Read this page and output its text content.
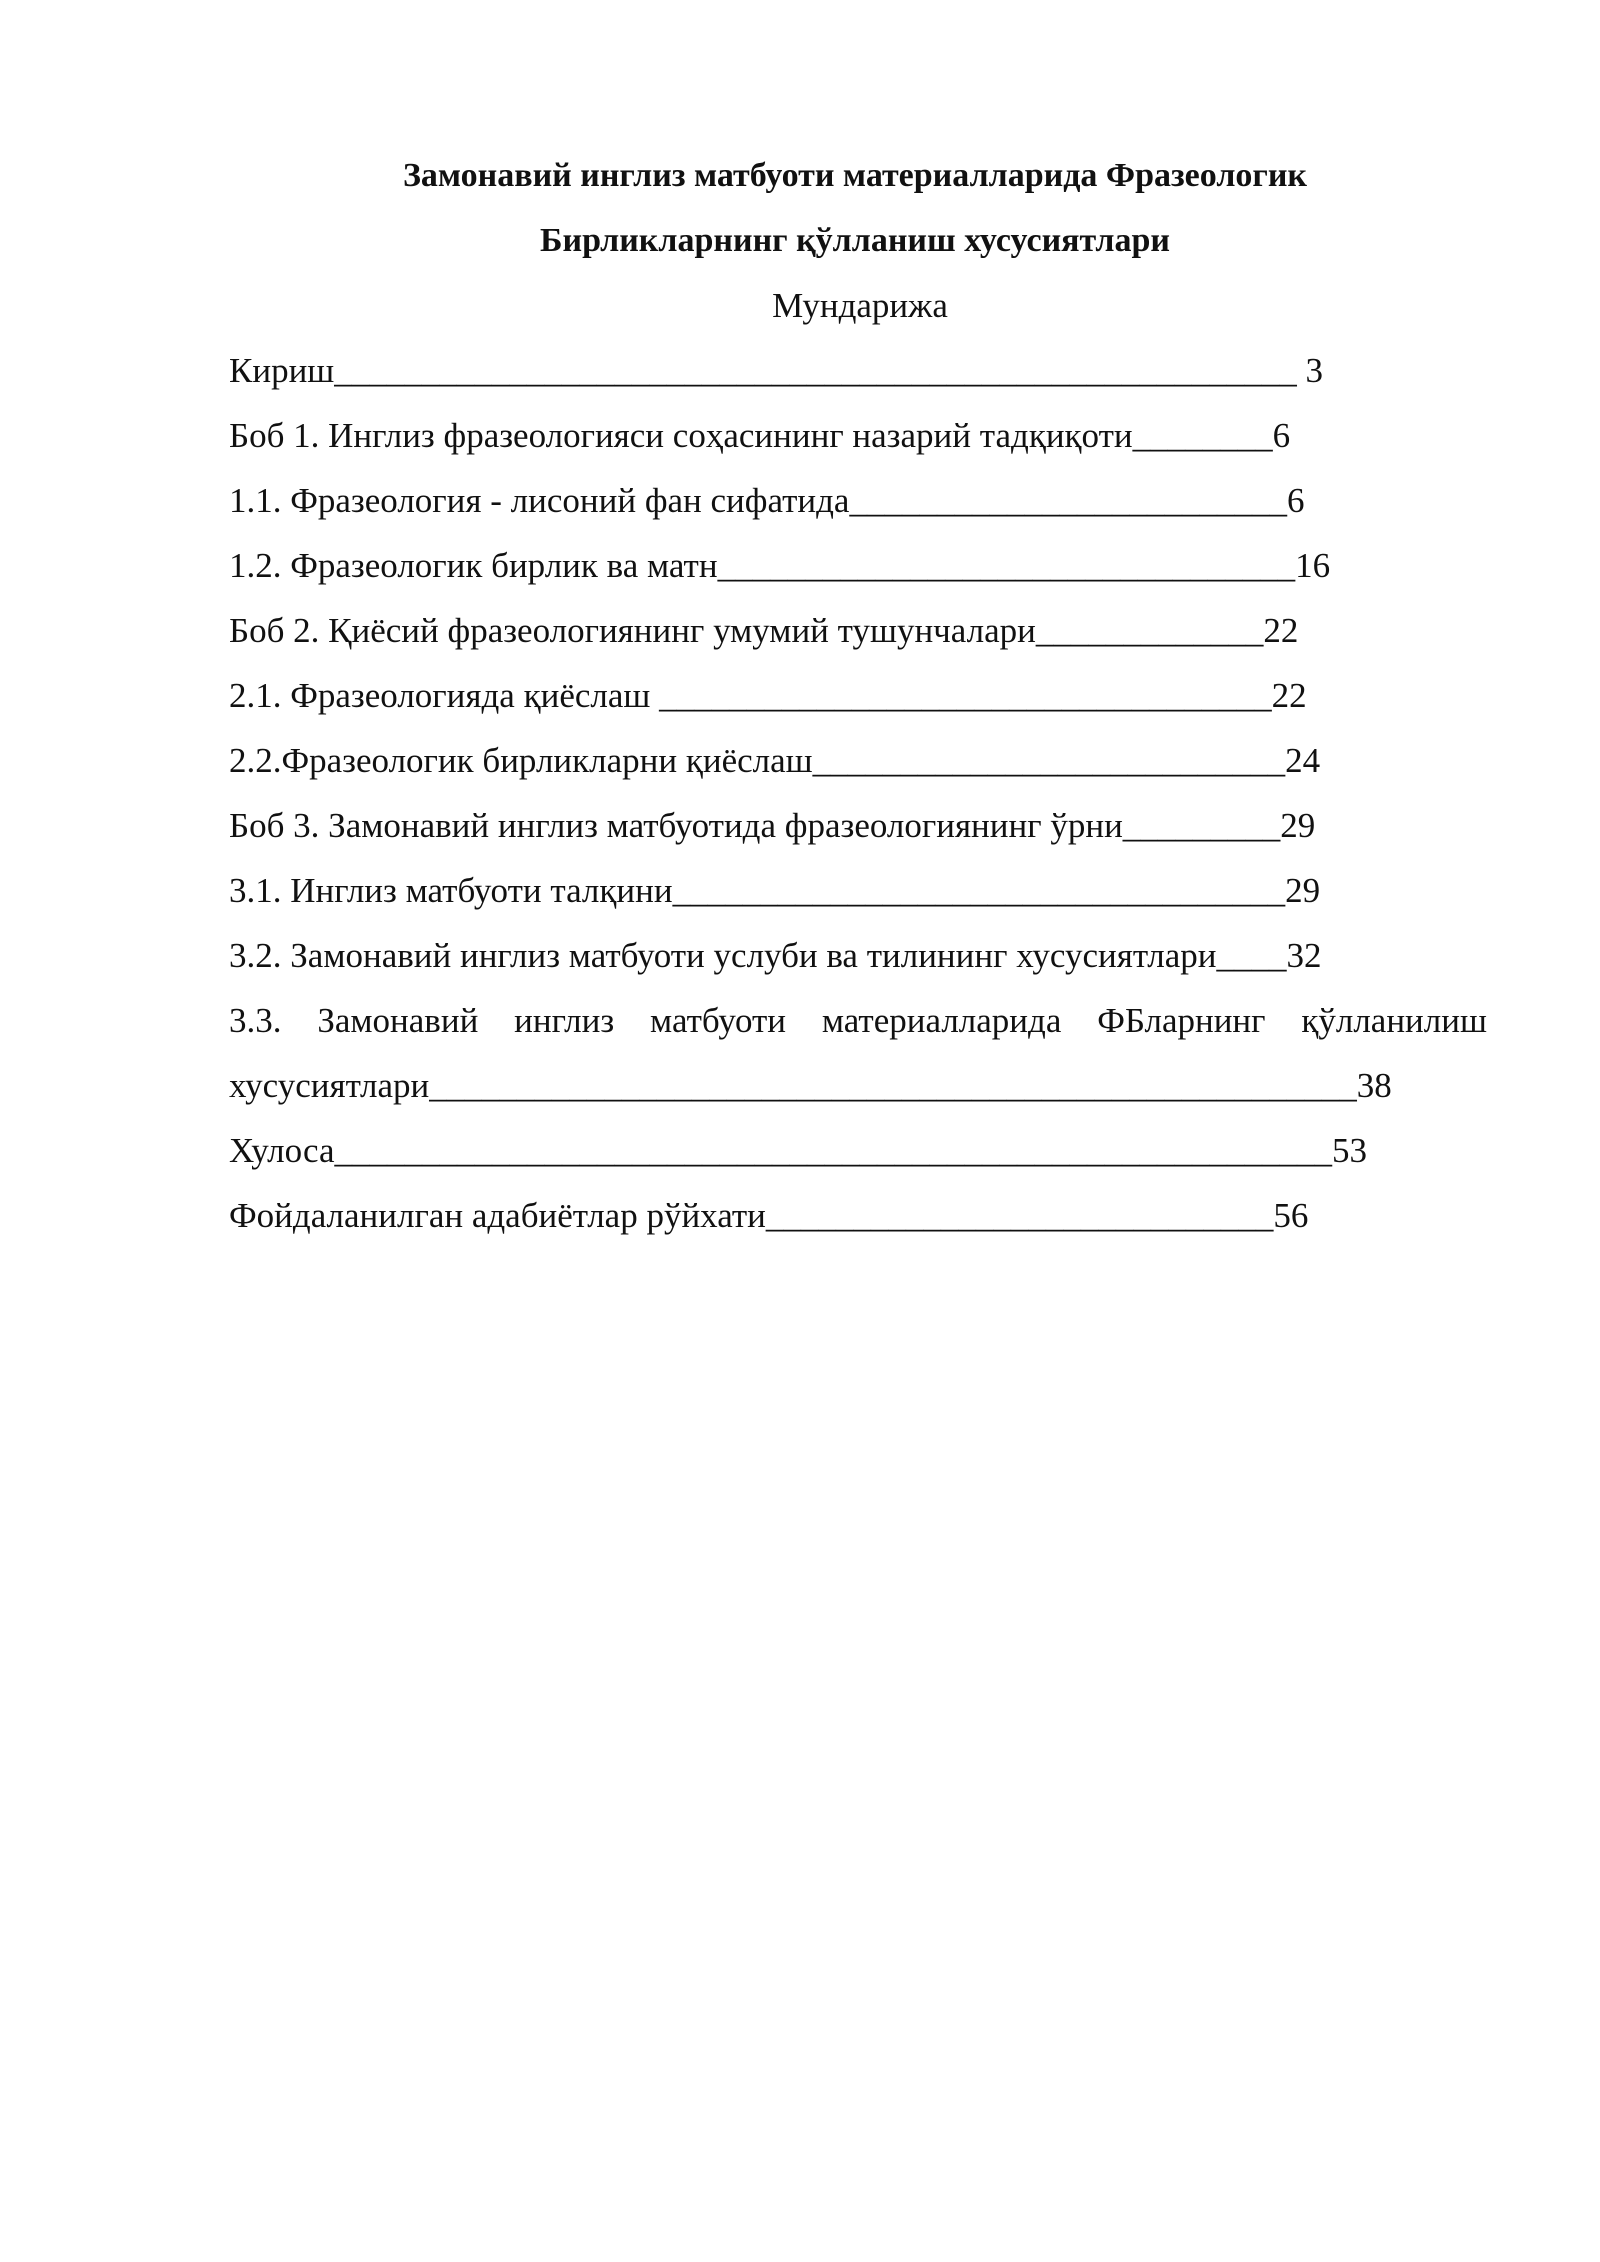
Замонавий инглиз матбуоти материалларида Фразеологик
Бирликларнинг қўлланиш хусусиятлари
Мундарижа
Кириш_______________________________________________________ 3
Боб 1. Инглиз фразеологияси соҳасининг назарий тадқиқоти________6
1.1. Фразеология - лисоний фан сифатида_________________________6
1.2. Фразеологик бирлик ва матн_________________________________16
Боб 2. Қиёсий фразеологиянинг умумий тушунчалари_____________22
2.1. Фразеологияда қиёслаш ___________________________________22
2.2.Фразеологик бирликларни қиёслаш___________________________24
Боб 3. Замонавий инглиз матбуотида фразеологиянинг ўрни_________29
3.1. Инглиз матбуоти талқини___________________________________29
3.2. Замонавий инглиз матбуоти услуби ва тилининг хусусиятлари____32
3.3. Замонавий инглиз матбуоти материалларида ФБларнинг қўлланилиш
хусусиятлари_____________________________________________________38
Хулоса_________________________________________________________53
Фойдаланилган адабиётлар рўйхати_____________________________56
